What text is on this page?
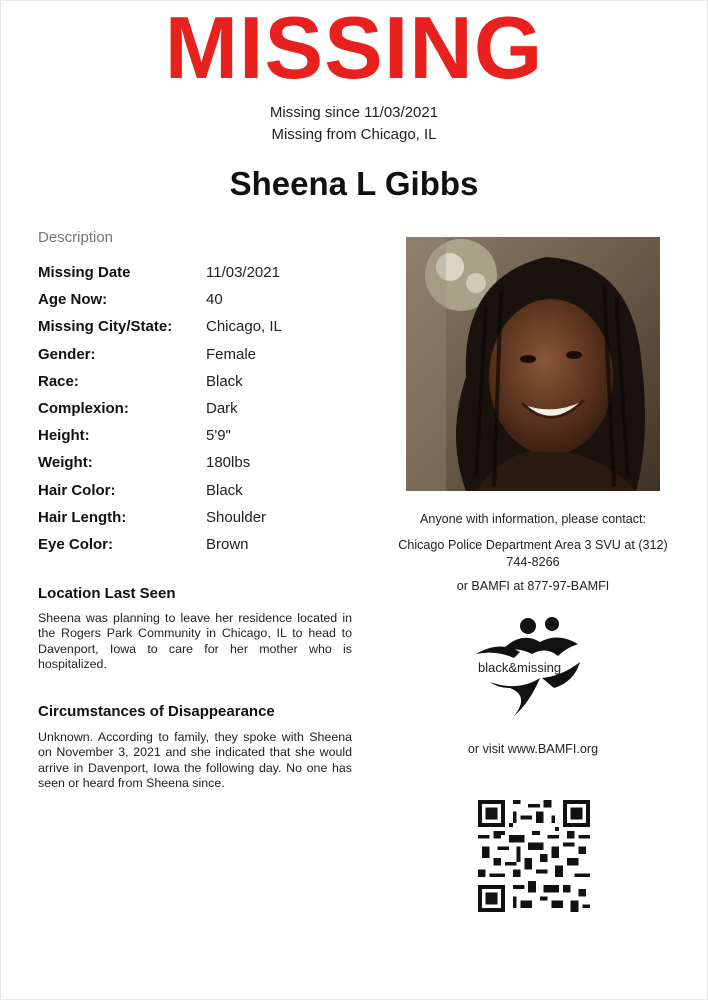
MISSING
Missing since 11/03/2021
Missing from Chicago, IL
Sheena L Gibbs
Description
Missing Date	11/03/2021
Age Now:	40
Missing City/State:	Chicago, IL
Gender:	Female
Race:	Black
Complexion:	Dark
Height:	5'9"
Weight:	180lbs
Hair Color:	Black
Hair Length:	Shoulder
Eye Color:	Brown
Location Last Seen
Sheena was planning to leave her residence located in the Rogers Park Community in Chicago, IL to head to Davenport, Iowa to care for her mother who is hospitalized.
Circumstances of Disappearance
Unknown. According to family, they spoke with Sheena on November 3, 2021 and she indicated that she would arrive in Davenport, Iowa the following day. No one has seen or heard from Sheena since.
Anyone with information, please contact:
Chicago Police Department Area 3 SVU at (312) 744-8266
or BAMFI at 877-97-BAMFI
black&missing
or visit www.BAMFI.org
